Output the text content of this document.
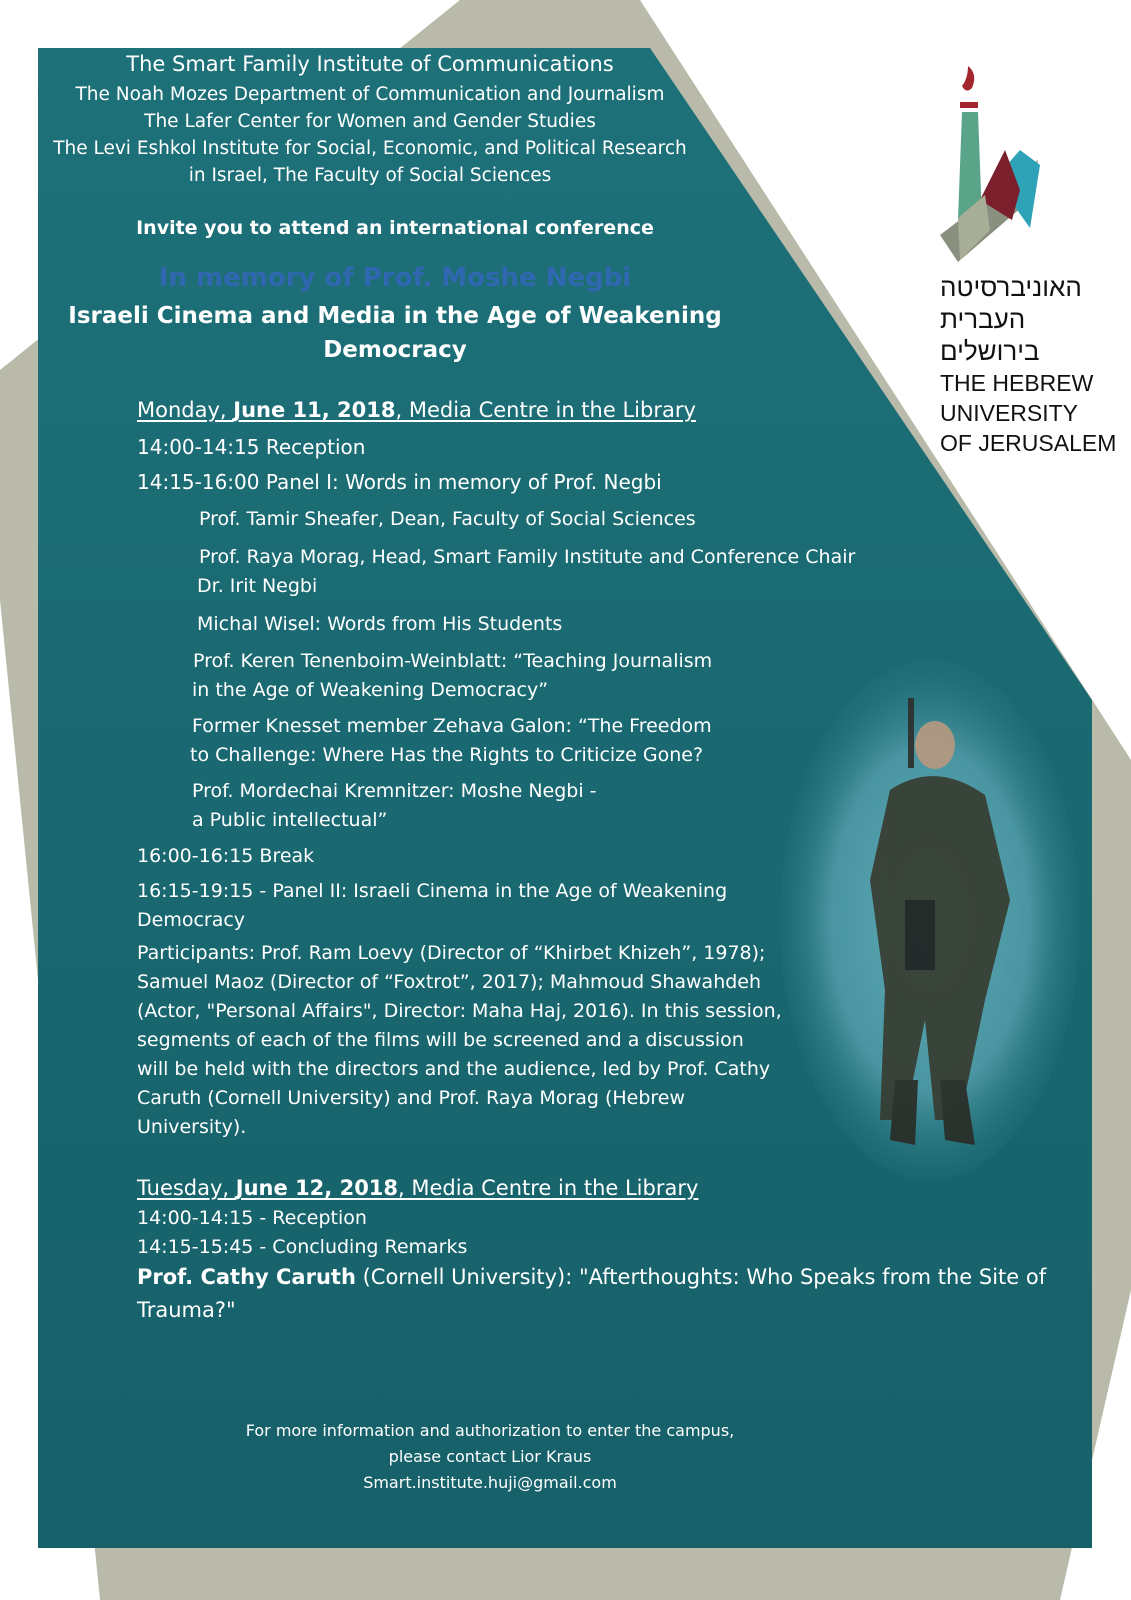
The Smart Family Institute of Communications
The Noah Mozes Department of Communication and Journalism
The Lafer Center for Women and Gender Studies
The Levi Eshkol Institute for Social, Economic, and Political Research
in Israel, The Faculty of Social Sciences
Invite you to attend an international conference
In memory of Prof. Moshe Negbi
Israeli Cinema and Media in the Age of Weakening
Democracy
Monday, June 11, 2018, Media Centre in the Library
14:00-14:15 Reception
14:15-16:00 Panel I: Words in memory of Prof. Negbi
Prof. Tamir Sheafer, Dean, Faculty of Social Sciences
Prof. Raya Morag, Head, Smart Family Institute and Conference Chair
Dr. Irit Negbi
Michal Wisel: Words from His Students
Prof. Keren Tenenboim-Weinblatt: “Teaching Journalism
in the Age of Weakening Democracy”
Former Knesset member Zehava Galon: “The Freedom
to Challenge: Where Has the Rights to Criticize Gone?
Prof. Mordechai Kremnitzer: Moshe Negbi -
a Public intellectual”
16:00-16:15 Break
16:15-19:15 - Panel II: Israeli Cinema in the Age of Weakening
Democracy
Participants: Prof. Ram Loevy (Director of “Khirbet Khizeh”, 1978);
Samuel Maoz (Director of “Foxtrot”, 2017); Mahmoud Shawahdeh
(Actor, "Personal Affairs", Director: Maha Haj, 2016). In this session,
segments of each of the films will be screened and a discussion
will be held with the directors and the audience, led by Prof. Cathy
Caruth (Cornell University) and Prof. Raya Morag (Hebrew
University).
Tuesday, June 12, 2018, Media Centre in the Library
14:00-14:15 - Reception
14:15-15:45 - Concluding Remarks
Prof. Cathy Caruth (Cornell University): "Afterthoughts: Who Speaks from the Site of
Trauma?"
For more information and authorization to enter the campus,
please contact Lior Kraus
Smart.institute.huji@gmail.com
האוניברסיטה
העברית
בירושלים
THE HEBREW
UNIVERSITY
OF JERUSALEM
